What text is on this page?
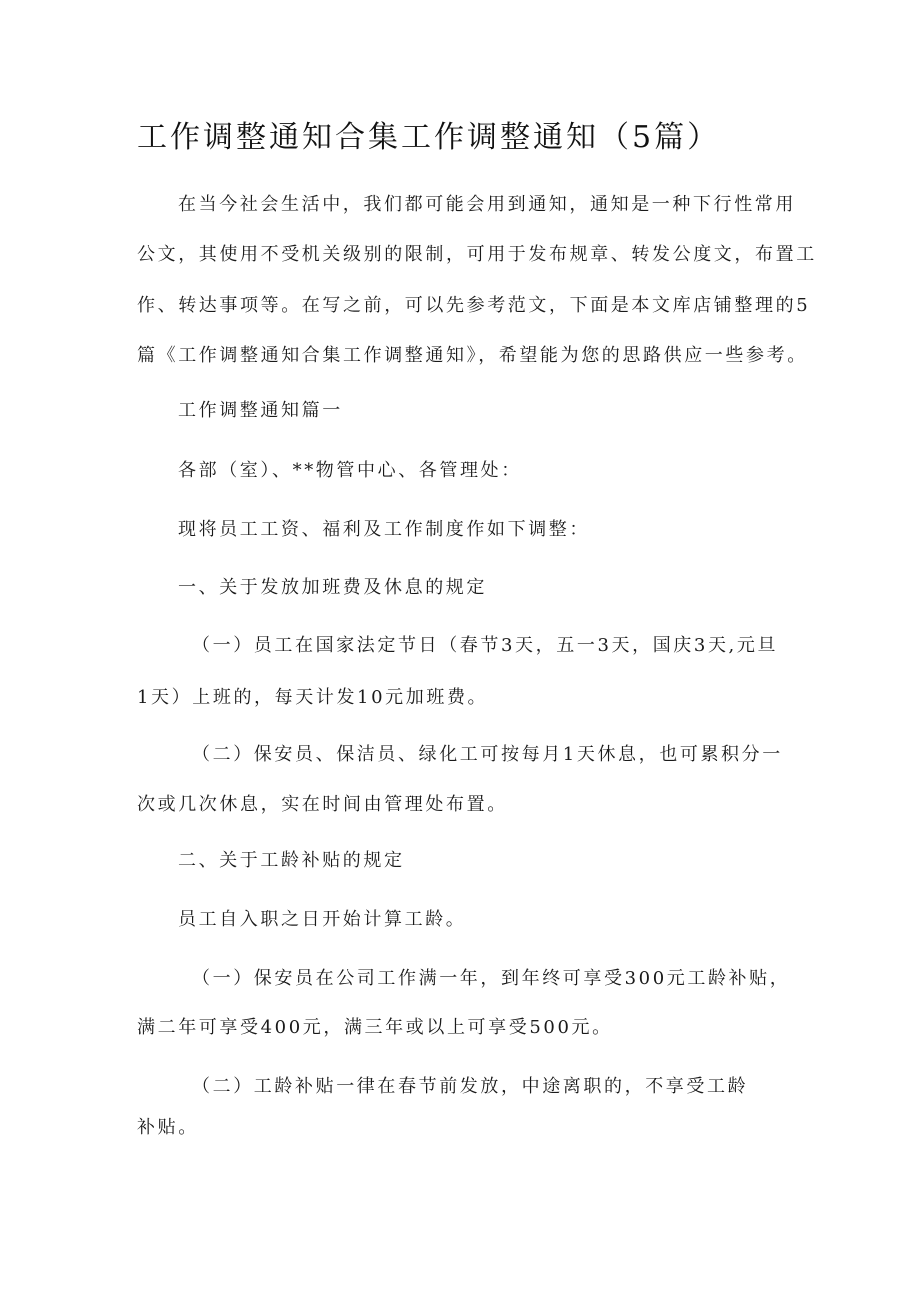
工作调整通知合集工作调整通知（5篇）
在当今社会生活中，我们都可能会用到通知，通知是一种下行性常用
公文，其使用不受机关级别的限制，可用于发布规章、转发公度文，布置工
作、转达事项等。在写之前，可以先参考范文，下面是本文库店铺整理的5
篇《工作调整通知合集工作调整通知》，希望能为您的思路供应一些参考。
工作调整通知篇一
各部（室）、**物管中心、各管理处：
现将员工工资、福利及工作制度作如下调整：
一、关于发放加班费及休息的规定
（一）员工在国家法定节日（春节3天，五一3天，国庆3天,元旦
1天）上班的，每天计发10元加班费。
（二）保安员、保洁员、绿化工可按每月1天休息，也可累积分一
次或几次休息，实在时间由管理处布置。
二、关于工龄补贴的规定
员工自入职之日开始计算工龄。
（一）保安员在公司工作满一年，到年终可享受300元工龄补贴，
满二年可享受400元，满三年或以上可享受500元。
（二）工龄补贴一律在春节前发放，中途离职的，不享受工龄
补贴。
